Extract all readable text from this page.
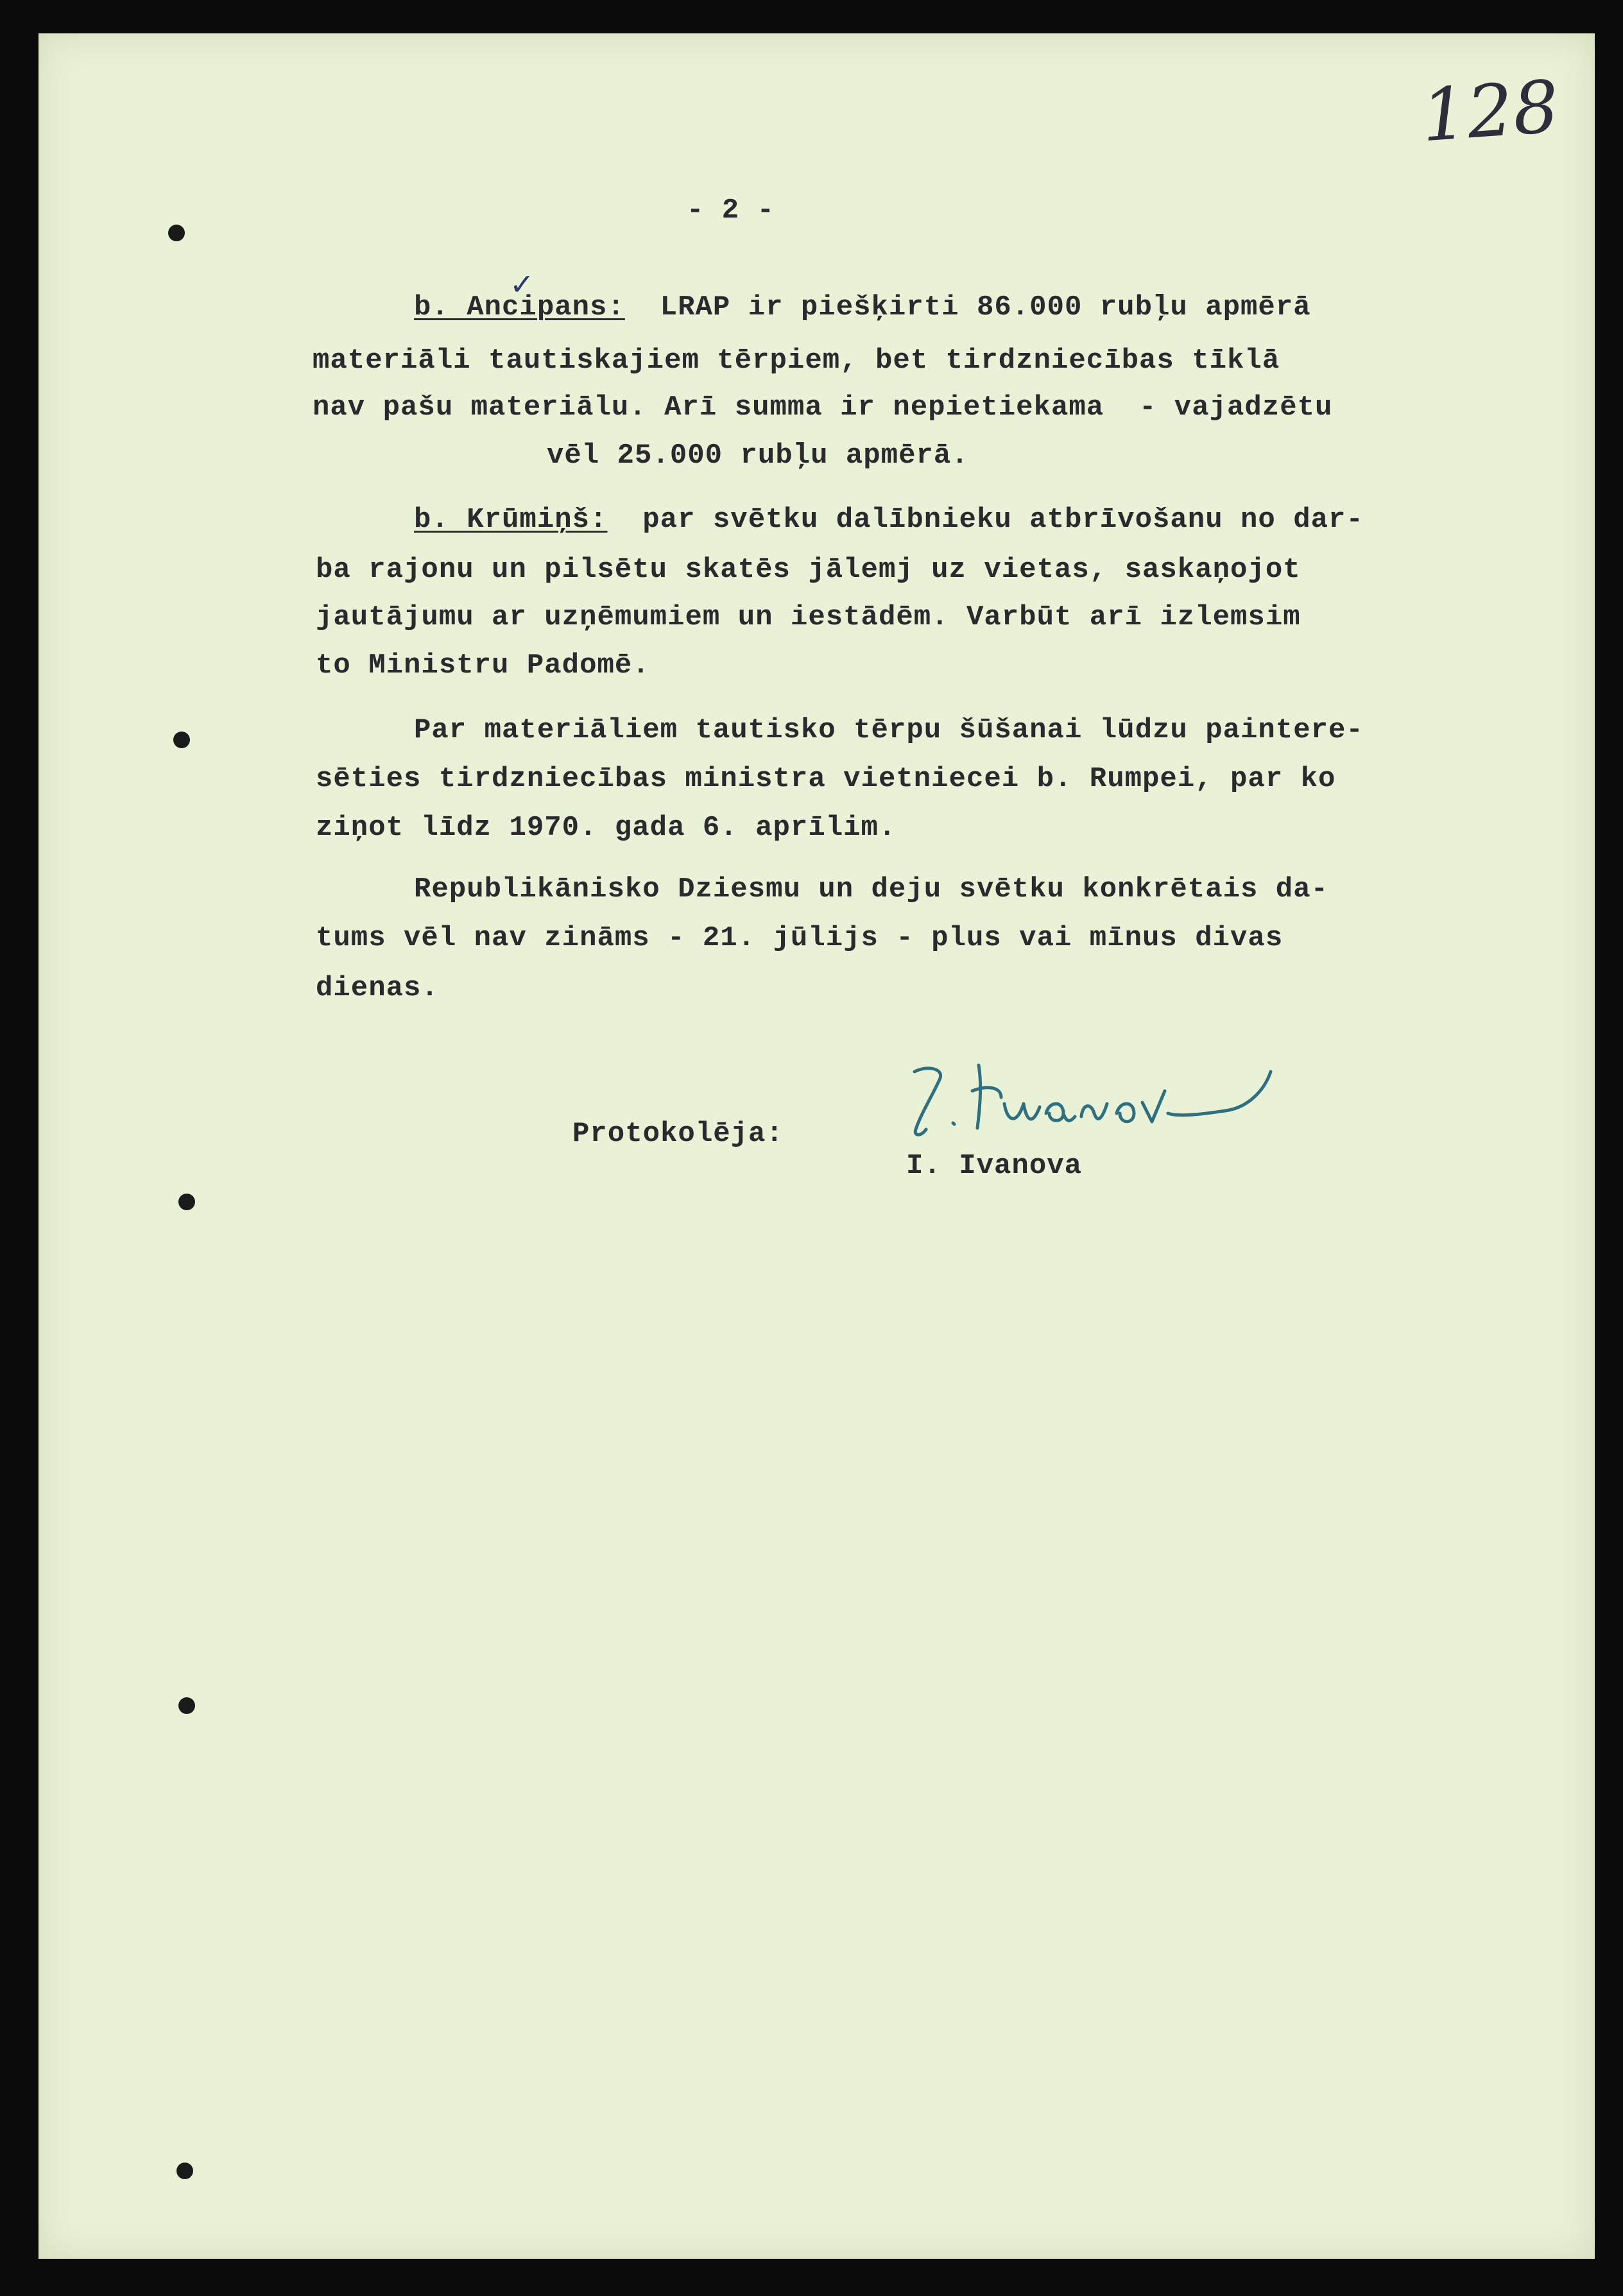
128

- 2 -

✓

b. Ancipans: LRAP ir piešķirti 86.000 rubļu apmērā

materiāli tautiskajiem tērpiem, bet tirdzniecības tīklā

nav pašu materiālu. Arī summa ir nepietiekama  - vajadzētu

vēl 25.000 rubļu apmērā.

b. Krūmiņš: par svētku dalībnieku atbrīvošanu no dar-

ba rajonu un pilsētu skatēs jālemj uz vietas, saskaņojot

jautājumu ar uzņēmumiem un iestādēm. Varbūt arī izlemsim

to Ministru Padomē.

Par materiāliem tautisko tērpu šūšanai lūdzu paintere-

sēties tirdzniecības ministra vietniecei b. Rumpei, par ko

ziņot līdz 1970. gada 6. aprīlim.

Republikānisko Dziesmu un deju svētku konkrētais da-

tums vēl nav zināms - 21. jūlijs - plus vai mīnus divas

dienas.

Protokolēja:

I. Ivanova
